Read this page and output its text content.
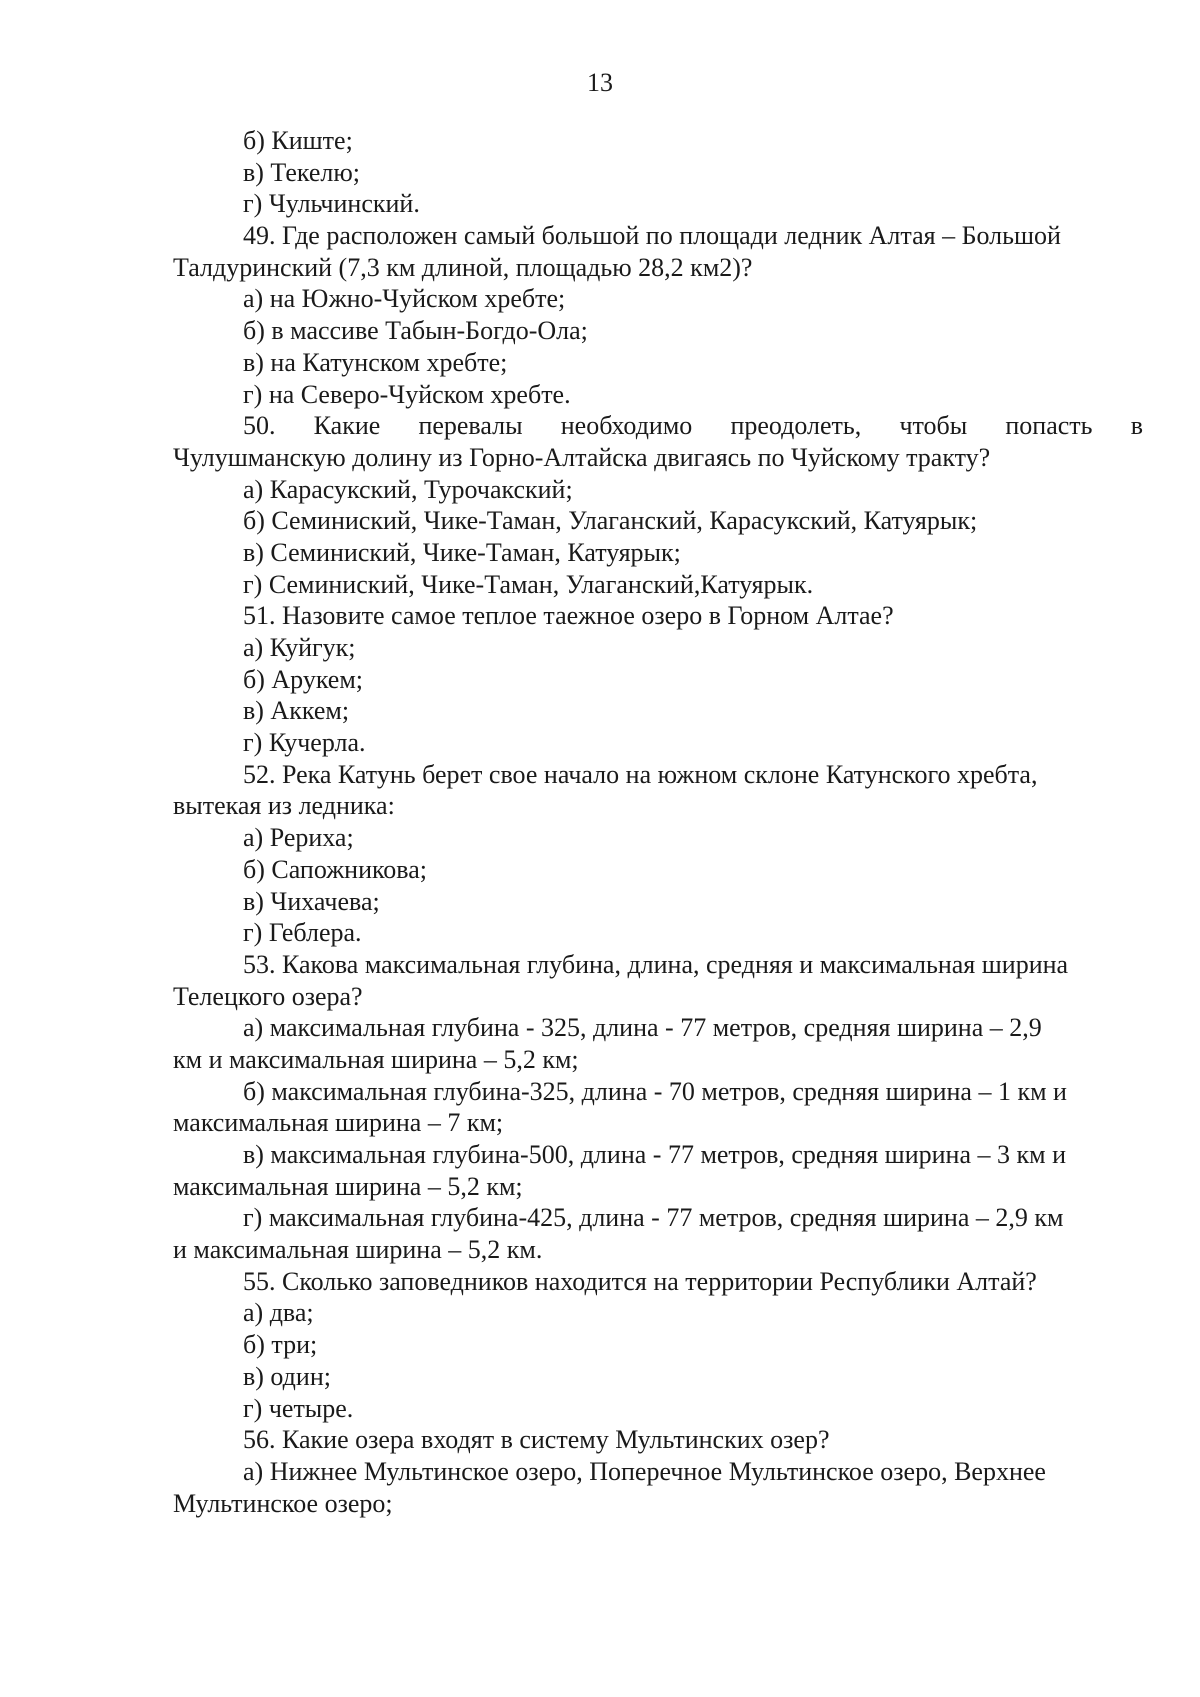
13
б) Киште;
в) Текелю;
г) Чульчинский.
49. Где расположен самый большой по площади ледник Алтая – Большой
Талдуринский (7,3 км длиной, площадью 28,2 км2)?
а) на Южно-Чуйском хребте;
б) в массиве Табын-Богдо-Ола;
в) на Катунском хребте;
г) на Северо-Чуйском хребте.
50. Какие перевалы необходимо преодолеть, чтобы попасть в
Чулушманскую долину из Горно-Алтайска двигаясь по Чуйскому тракту?
а) Карасукский, Турочакский;
б) Семиниский, Чике-Таман, Улаганский, Карасукский, Катуярык;
в) Семиниский, Чике-Таман, Катуярык;
г) Семиниский, Чике-Таман, Улаганский,Катуярык.
51. Назовите самое теплое таежное озеро в Горном Алтае?
а) Куйгук;
б) Арукем;
в) Аккем;
г) Кучерла.
52. Река Катунь берет свое начало на южном склоне Катунского хребта,
вытекая из ледника:
а) Рериха;
б) Сапожникова;
в) Чихачева;
г) Геблера.
53. Какова максимальная глубина, длина, средняя и максимальная ширина
Телецкого озера?
а) максимальная глубина - 325, длина - 77 метров, средняя ширина – 2,9
км и максимальная ширина – 5,2 км;
б) максимальная глубина-325, длина - 70 метров, средняя ширина – 1 км и
максимальная ширина – 7 км;
в) максимальная глубина-500, длина - 77 метров, средняя ширина – 3 км и
максимальная ширина – 5,2 км;
г) максимальная глубина-425, длина - 77 метров, средняя ширина – 2,9 км
и максимальная ширина – 5,2 км.
55. Сколько заповедников находится на территории Республики Алтай?
а) два;
б) три;
в) один;
г) четыре.
56. Какие озера входят в систему Мультинских озер?
а) Нижнее Мультинское озеро, Поперечное Мультинское озеро, Верхнее
Мультинское озеро;
